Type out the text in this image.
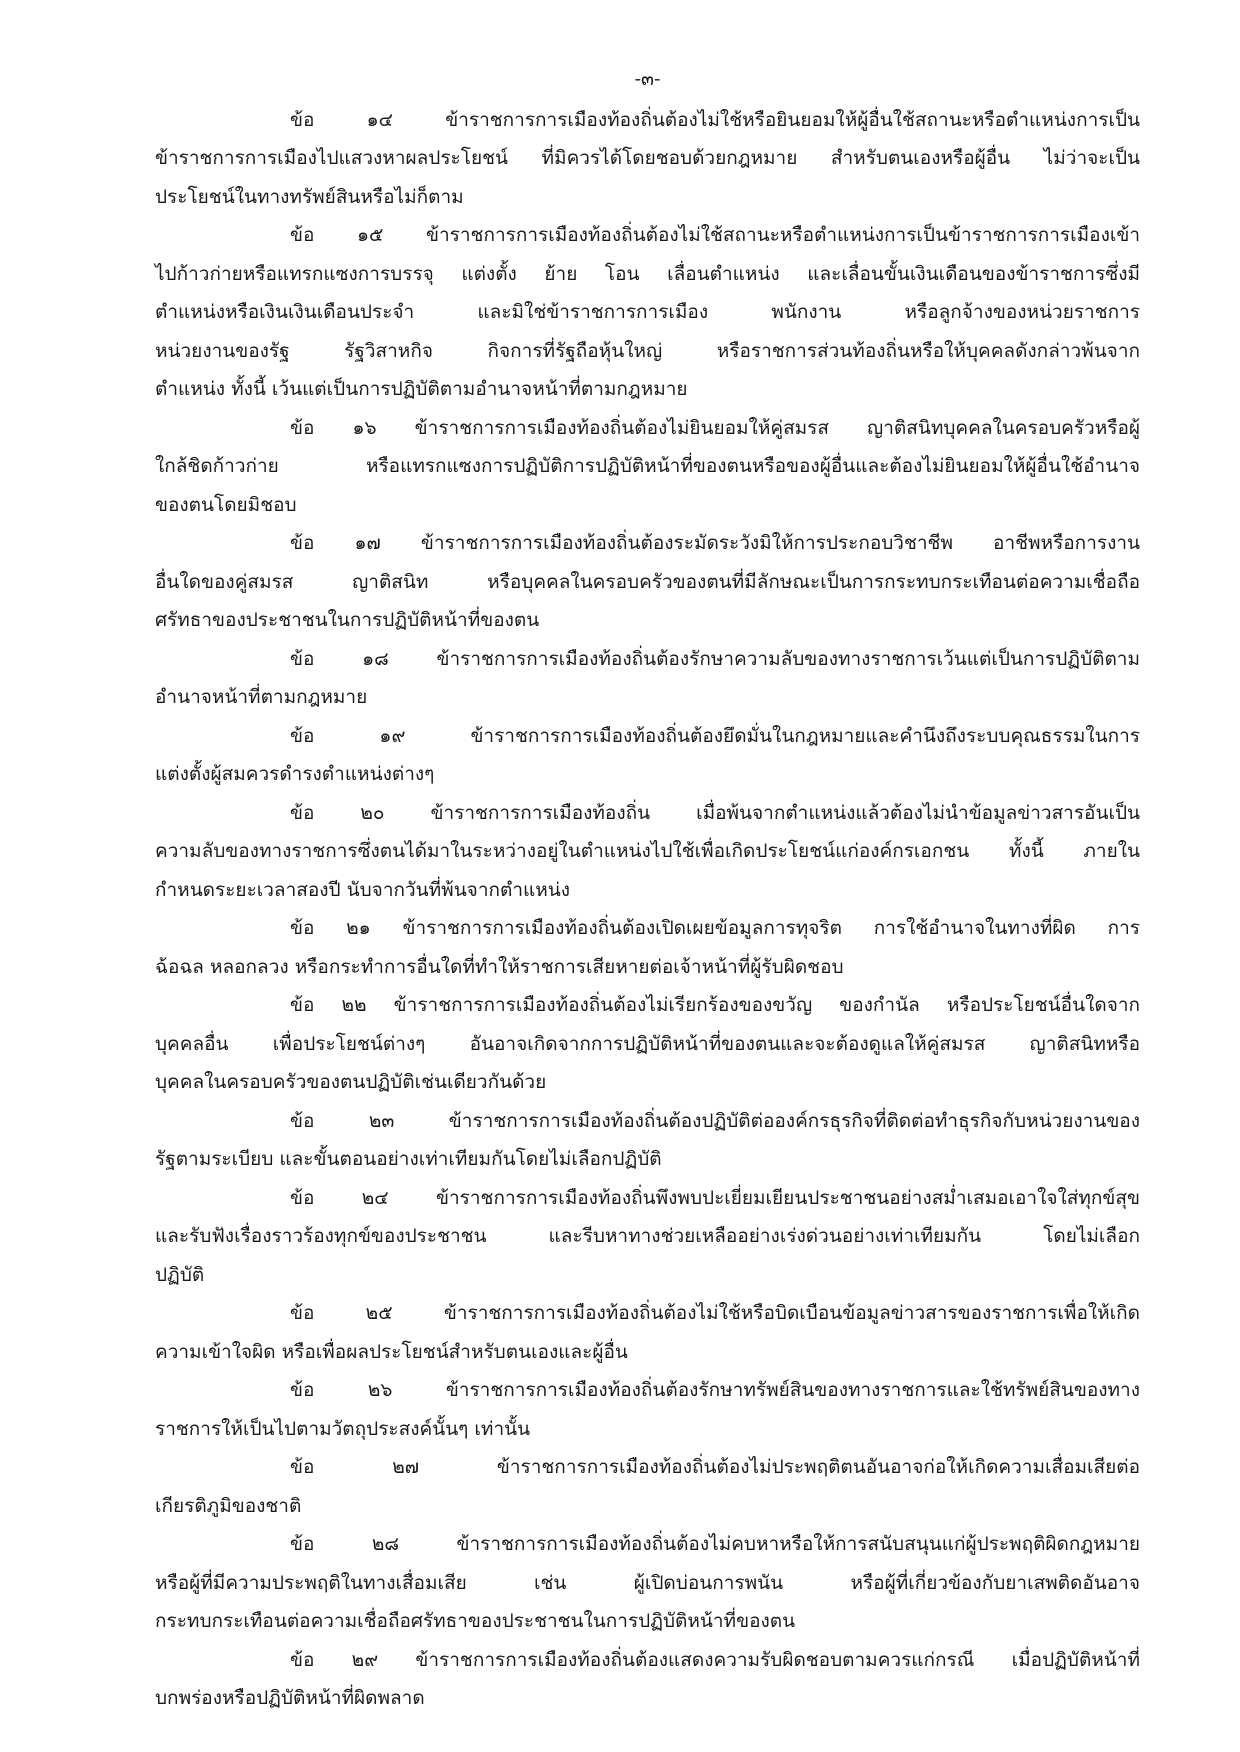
-๓-
ข้อ ๑๔ ข้าราชการการเมืองท้องถิ่นต้องไม่ใช้หรือยินยอมให้ผู้อื่นใช้สถานะหรือตำแหน่งการเป็น
ข้าราชการการเมืองไปแสวงหาผลประโยชน์ ที่มิควรได้โดยชอบด้วยกฎหมาย สำหรับตนเองหรือผู้อื่น ไม่ว่าจะเป็น
ประโยชน์ในทางทรัพย์สินหรือไม่ก็ตาม
ข้อ ๑๕ ข้าราชการการเมืองท้องถิ่นต้องไม่ใช้สถานะหรือตำแหน่งการเป็นข้าราชการการเมืองเข้า
ไปก้าวก่ายหรือแทรกแซงการบรรจุ แต่งตั้ง ย้าย โอน เลื่อนตำแหน่ง และเลื่อนขั้นเงินเดือนของข้าราชการซึ่งมี
ตำแหน่งหรือเงินเงินเดือนประจำ และมิใช่ข้าราชการการเมือง พนักงาน หรือลูกจ้างของหน่วยราชการ
หน่วยงานของรัฐ รัฐวิสาหกิจ กิจการที่รัฐถือหุ้นใหญ่ หรือราชการส่วนท้องถิ่นหรือให้บุคคลดังกล่าวพ้นจาก
ตำแหน่ง ทั้งนี้ เว้นแต่เป็นการปฏิบัติตามอำนาจหน้าที่ตามกฎหมาย
ข้อ ๑๖ ข้าราชการการเมืองท้องถิ่นต้องไม่ยินยอมให้คู่สมรส ญาติสนิทบุคคลในครอบครัวหรือผู้
ใกล้ชิดก้าวก่าย หรือแทรกแซงการปฏิบัติการปฏิบัติหน้าที่ของตนหรือของผู้อื่นและต้องไม่ยินยอมให้ผู้อื่นใช้อำนาจ
ของตนโดยมิชอบ
ข้อ ๑๗ ข้าราชการการเมืองท้องถิ่นต้องระมัดระวังมิให้การประกอบวิชาชีพ อาชีพหรือการงาน
อื่นใดของคู่สมรส ญาติสนิท หรือบุคคลในครอบครัวของตนที่มีลักษณะเป็นการกระทบกระเทือนต่อความเชื่อถือ
ศรัทธาของประชาชนในการปฏิบัติหน้าที่ของตน
ข้อ ๑๘ ข้าราชการการเมืองท้องถิ่นต้องรักษาความลับของทางราชการเว้นแต่เป็นการปฏิบัติตาม
อำนาจหน้าที่ตามกฎหมาย
ข้อ ๑๙ ข้าราชการการเมืองท้องถิ่นต้องยึดมั่นในกฎหมายและคำนึงถึงระบบคุณธรรมในการ
แต่งตั้งผู้สมควรดำรงตำแหน่งต่างๆ
ข้อ ๒๐ ข้าราชการการเมืองท้องถิ่น เมื่อพ้นจากตำแหน่งแล้วต้องไม่นำข้อมูลข่าวสารอันเป็น
ความลับของทางราชการซึ่งตนได้มาในระหว่างอยู่ในตำแหน่งไปใช้เพื่อเกิดประโยชน์แก่องค์กรเอกชน ทั้งนี้ ภายใน
กำหนดระยะเวลาสองปี นับจากวันที่พ้นจากตำแหน่ง
ข้อ ๒๑ ข้าราชการการเมืองท้องถิ่นต้องเปิดเผยข้อมูลการทุจริต การใช้อำนาจในทางที่ผิด การ
ฉ้อฉล หลอกลวง หรือกระทำการอื่นใดที่ทำให้ราชการเสียหายต่อเจ้าหน้าที่ผู้รับผิดชอบ
ข้อ ๒๒ ข้าราชการการเมืองท้องถิ่นต้องไม่เรียกร้องของขวัญ ของกำนัล หรือประโยชน์อื่นใดจาก
บุคคลอื่น เพื่อประโยชน์ต่างๆ อันอาจเกิดจากการปฏิบัติหน้าที่ของตนและจะต้องดูแลให้คู่สมรส ญาติสนิทหรือ
บุคคลในครอบครัวของตนปฏิบัติเช่นเดียวกันด้วย
ข้อ ๒๓ ข้าราชการการเมืองท้องถิ่นต้องปฏิบัติต่อองค์กรธุรกิจที่ติดต่อทำธุรกิจกับหน่วยงานของ
รัฐตามระเบียบ และขั้นตอนอย่างเท่าเทียมกันโดยไม่เลือกปฏิบัติ
ข้อ ๒๔ ข้าราชการการเมืองท้องถิ่นพึงพบปะเยี่ยมเยียนประชาชนอย่างสม่ำเสมอเอาใจใส่ทุกข์สุข
และรับฟังเรื่องราวร้องทุกข์ของประชาชน และรีบหาทางช่วยเหลืออย่างเร่งด่วนอย่างเท่าเทียมกัน โดยไม่เลือก
ปฏิบัติ
ข้อ ๒๕ ข้าราชการการเมืองท้องถิ่นต้องไม่ใช้หรือบิดเบือนข้อมูลข่าวสารของราชการเพื่อให้เกิด
ความเข้าใจผิด หรือเพื่อผลประโยชน์สำหรับตนเองและผู้อื่น
ข้อ ๒๖ ข้าราชการการเมืองท้องถิ่นต้องรักษาทรัพย์สินของทางราชการและใช้ทรัพย์สินของทาง
ราชการให้เป็นไปตามวัตถุประสงค์นั้นๆ เท่านั้น
ข้อ ๒๗ ข้าราชการการเมืองท้องถิ่นต้องไม่ประพฤติตนอันอาจก่อให้เกิดความเสื่อมเสียต่อ
เกียรติภูมิของชาติ
ข้อ ๒๘ ข้าราชการการเมืองท้องถิ่นต้องไม่คบหาหรือให้การสนับสนุนแก่ผู้ประพฤติผิดกฎหมาย
หรือผู้ที่มีความประพฤติในทางเสื่อมเสีย เช่น ผู้เปิดบ่อนการพนัน หรือผู้ที่เกี่ยวข้องกับยาเสพติดอันอาจ
กระทบกระเทือนต่อความเชื่อถือศรัทธาของประชาชนในการปฏิบัติหน้าที่ของตน
ข้อ ๒๙ ข้าราชการการเมืองท้องถิ่นต้องแสดงความรับผิดชอบตามควรแก่กรณี เมื่อปฏิบัติหน้าที่
บกพร่องหรือปฏิบัติหน้าที่ผิดพลาด
